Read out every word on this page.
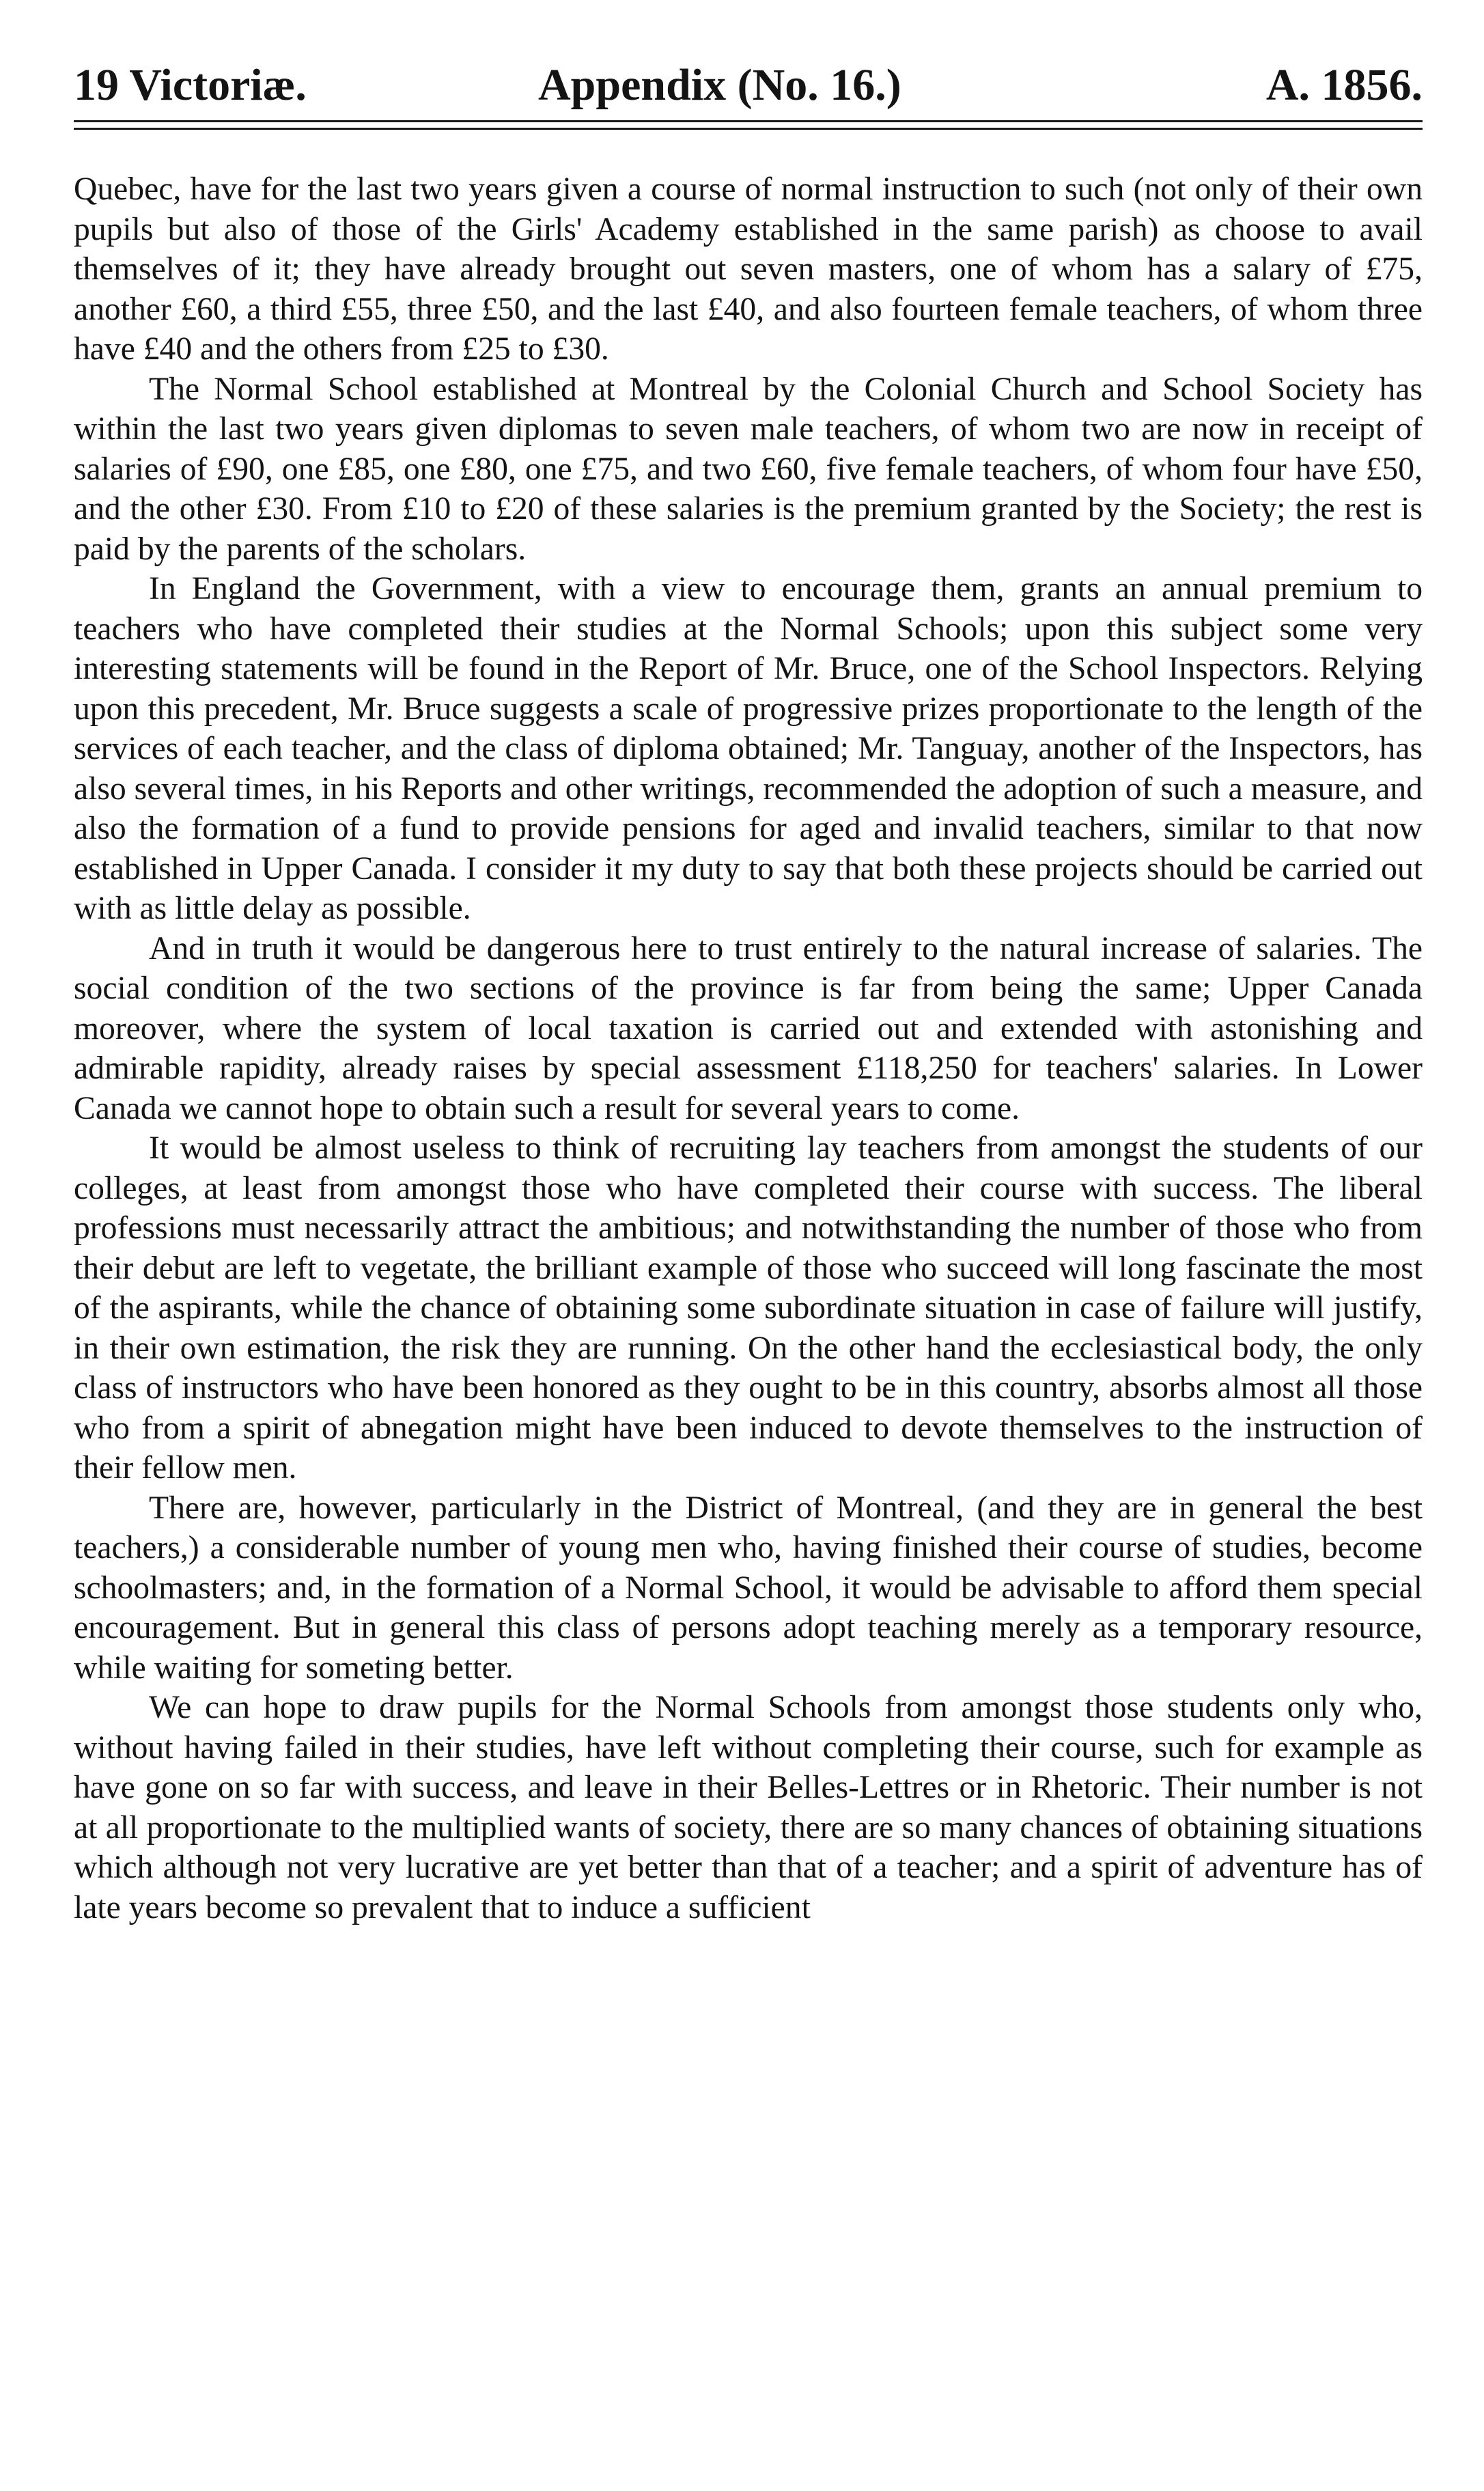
19 Victoriæ.	Appendix (No. 16.)	A. 1856.

Quebec, have for the last two years given a course of normal instruction to such (not only of their own pupils but also of those of the Girls' Academy established in the same parish) as choose to avail themselves of it; they have already brought out seven masters, one of whom has a salary of £75, another £60, a third £55, three £50, and the last £40, and also fourteen female teachers, of whom three have £40 and the others from £25 to £30.

The Normal School established at Montreal by the Colonial Church and School Society has within the last two years given diplomas to seven male teachers, of whom two are now in receipt of salaries of £90, one £85, one £80, one £75, and two £60, five female teachers, of whom four have £50, and the other £30. From £10 to £20 of these salaries is the premium granted by the Society; the rest is paid by the parents of the scholars.

In England the Government, with a view to encourage them, grants an annual premium to teachers who have completed their studies at the Normal Schools; upon this subject some very interesting statements will be found in the Report of Mr. Bruce, one of the School Inspectors. Relying upon this precedent, Mr. Bruce suggests a scale of progressive prizes proportionate to the length of the services of each teacher, and the class of diploma obtained; Mr. Tanguay, another of the Inspectors, has also several times, in his Reports and other writings, recommended the adoption of such a measure, and also the formation of a fund to provide pensions for aged and invalid teachers, similar to that now established in Upper Canada. I consider it my duty to say that both these projects should be carried out with as little delay as possible.

And in truth it would be dangerous here to trust entirely to the natural increase of salaries. The social condition of the two sections of the province is far from being the same; Upper Canada moreover, where the system of local taxation is carried out and extended with astonishing and admirable rapidity, already raises by special assessment £118,250 for teachers' salaries. In Lower Canada we cannot hope to obtain such a result for several years to come.

It would be almost useless to think of recruiting lay teachers from amongst the students of our colleges, at least from amongst those who have completed their course with success. The liberal professions must necessarily attract the ambitious; and notwithstanding the number of those who from their debut are left to vegetate, the brilliant example of those who succeed will long fascinate the most of the aspirants, while the chance of obtaining some subordinate situation in case of failure will justify, in their own estimation, the risk they are running. On the other hand the ecclesiastical body, the only class of instructors who have been honored as they ought to be in this country, absorbs almost all those who from a spirit of abnegation might have been induced to devote themselves to the instruction of their fellow men.

There are, however, particularly in the District of Montreal, (and they are in general the best teachers,) a considerable number of young men who, having finished their course of studies, become schoolmasters; and, in the formation of a Normal School, it would be advisable to afford them special encouragement. But in general this class of persons adopt teaching merely as a temporary resource, while waiting for someting better.

We can hope to draw pupils for the Normal Schools from amongst those students only who, without having failed in their studies, have left without completing their course, such for example as have gone on so far with success, and leave in their Belles-Lettres or in Rhetoric. Their number is not at all proportionate to the multiplied wants of society, there are so many chances of obtaining situations which although not very lucrative are yet better than that of a teacher; and a spirit of adventure has of late years become so prevalent that to induce a sufficient
